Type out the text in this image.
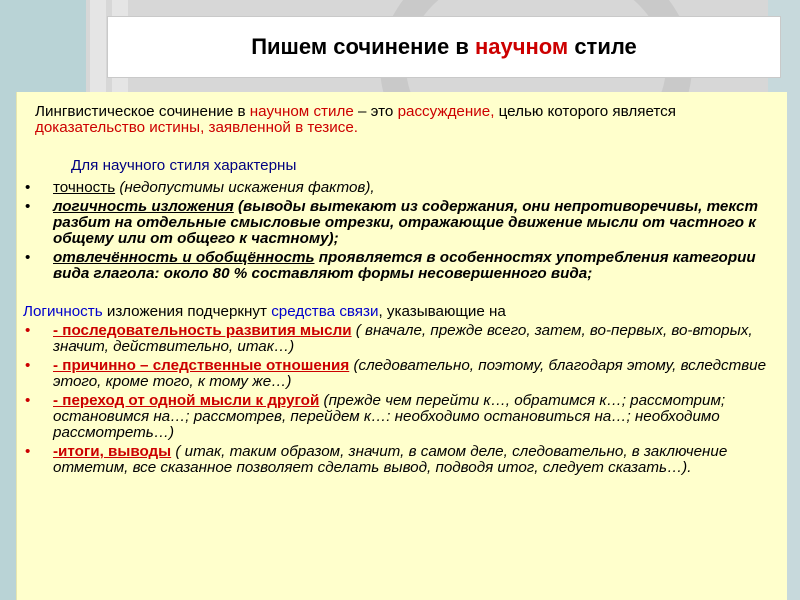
Пишем сочинение в научном стиле

Лингвистическое сочинение в научном стиле – это рассуждение, целью которого является доказательство истины, заявленной в тезисе.

Для научного стиля характерны

• точность (недопустимы искажения фактов),
• логичность изложения (выводы вытекают из содержания, они непротиворечивы, текст разбит на отдельные смысловые отрезки, отражающие движение мысли от частного к общему или от общего к частному);
• отвлечённость и обобщённость проявляется в особенностях употребления категории вида глагола: около 80 % составляют формы несовершенного вида;

Логичность изложения подчеркнут средства связи, указывающие на

• - последовательность развития мысли ( вначале, прежде всего, затем, во-первых, во-вторых, значит, действительно, итак…)
• - причинно – следственные отношения (следовательно, поэтому, благодаря этому, вследствие этого, кроме того, к тому же…)
• - переход от одной мысли к другой (прежде чем перейти к…, обратимся к…; рассмотрим; остановимся на…; рассмотрев, перейдем к…: необходимо остановиться на…; необходимо рассмотреть…)
• -итоги, выводы ( итак, таким образом, значит, в самом деле, следовательно, в заключение отметим, все сказанное позволяет сделать вывод, подводя итог, следует сказать…).
